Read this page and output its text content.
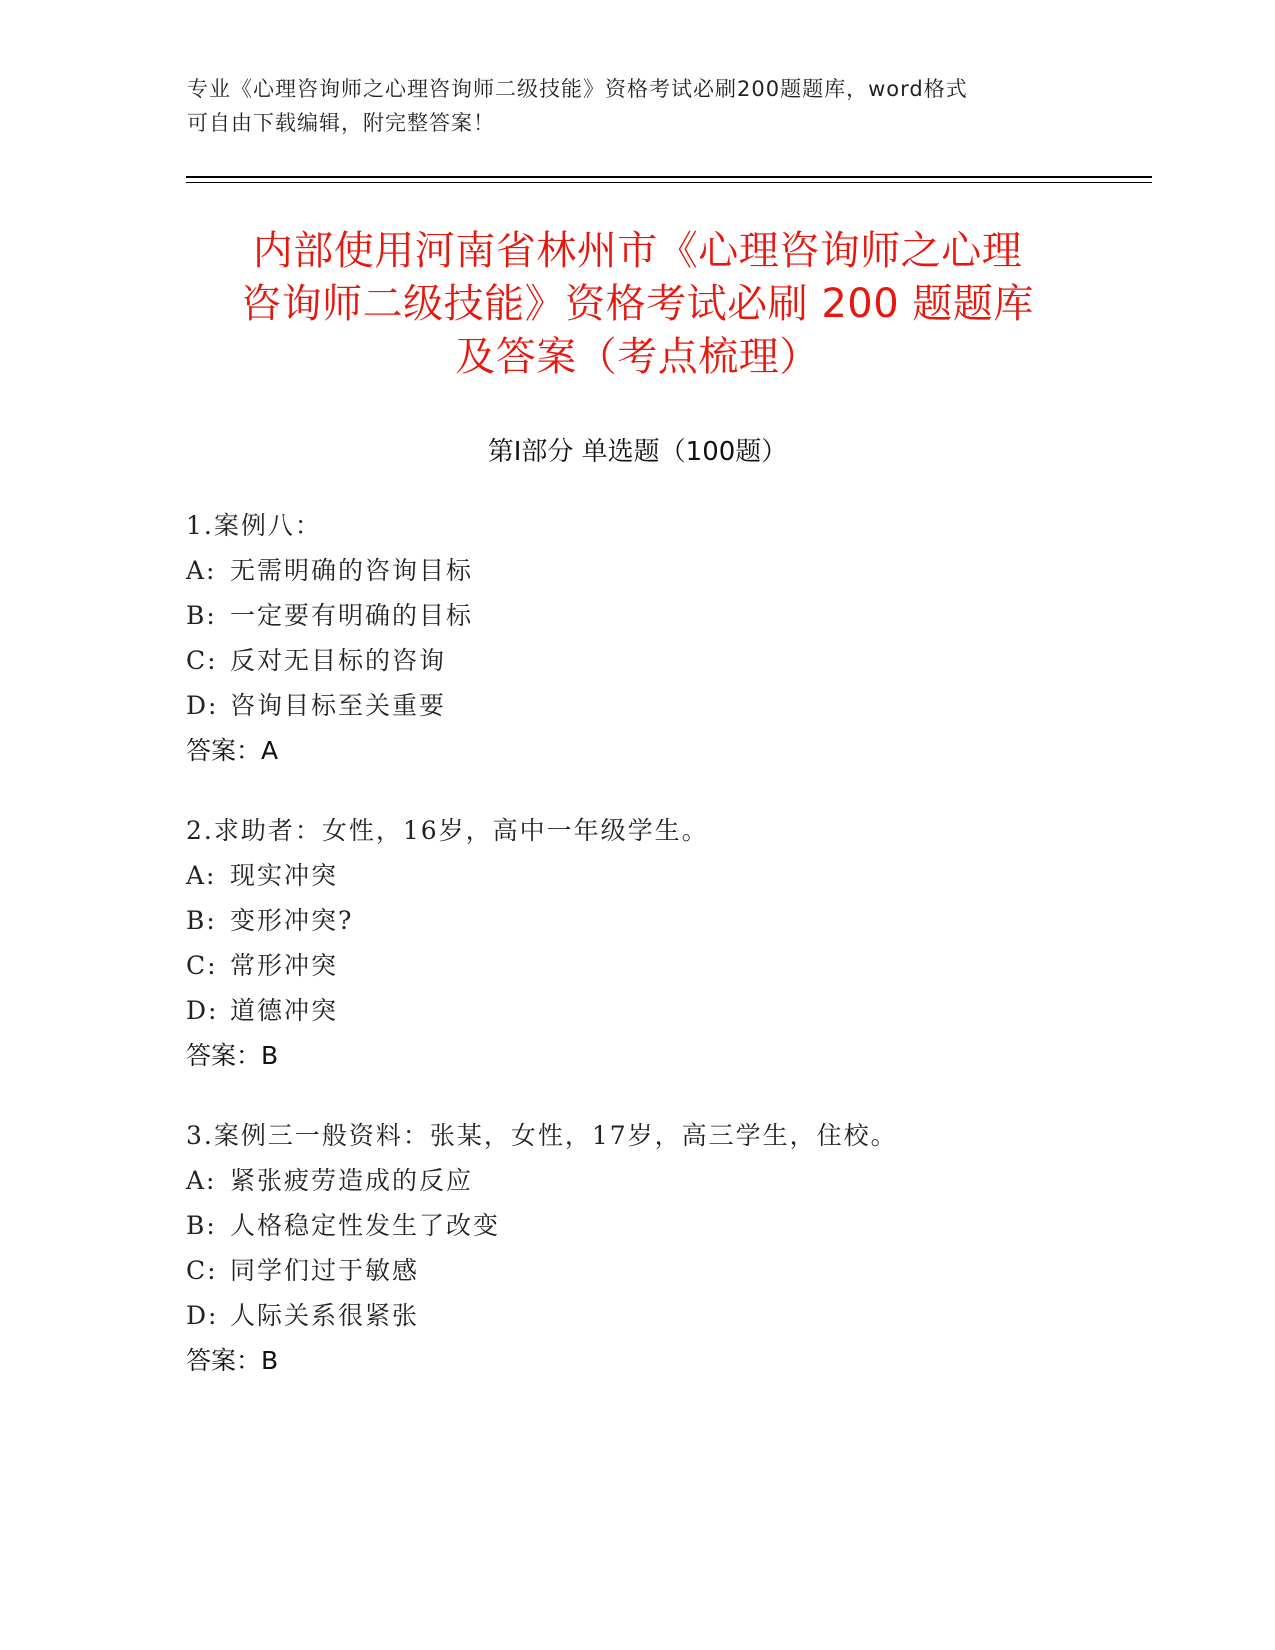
专业《心理咨询师之心理咨询师二级技能》资格考试必刷200题题库，word格式
可自由下载编辑，附完整答案！
内部使用河南省林州市《心理咨询师之心理
咨询师二级技能》资格考试必刷 200 题题库
及答案（考点梳理）
第Ⅰ部分 单选题（100题）
1.案例八：
A: 无需明确的咨询目标
B: 一定要有明确的目标
C: 反对无目标的咨询
D: 咨询目标至关重要
答案：A
2.求助者：女性，16岁，高中一年级学生。
A: 现实冲突
B: 变形冲突?
C: 常形冲突
D: 道德冲突
答案：B
3.案例三一般资料：张某，女性，17岁，高三学生，住校。
A: 紧张疲劳造成的反应
B: 人格稳定性发生了改变
C: 同学们过于敏感
D: 人际关系很紧张
答案：B
